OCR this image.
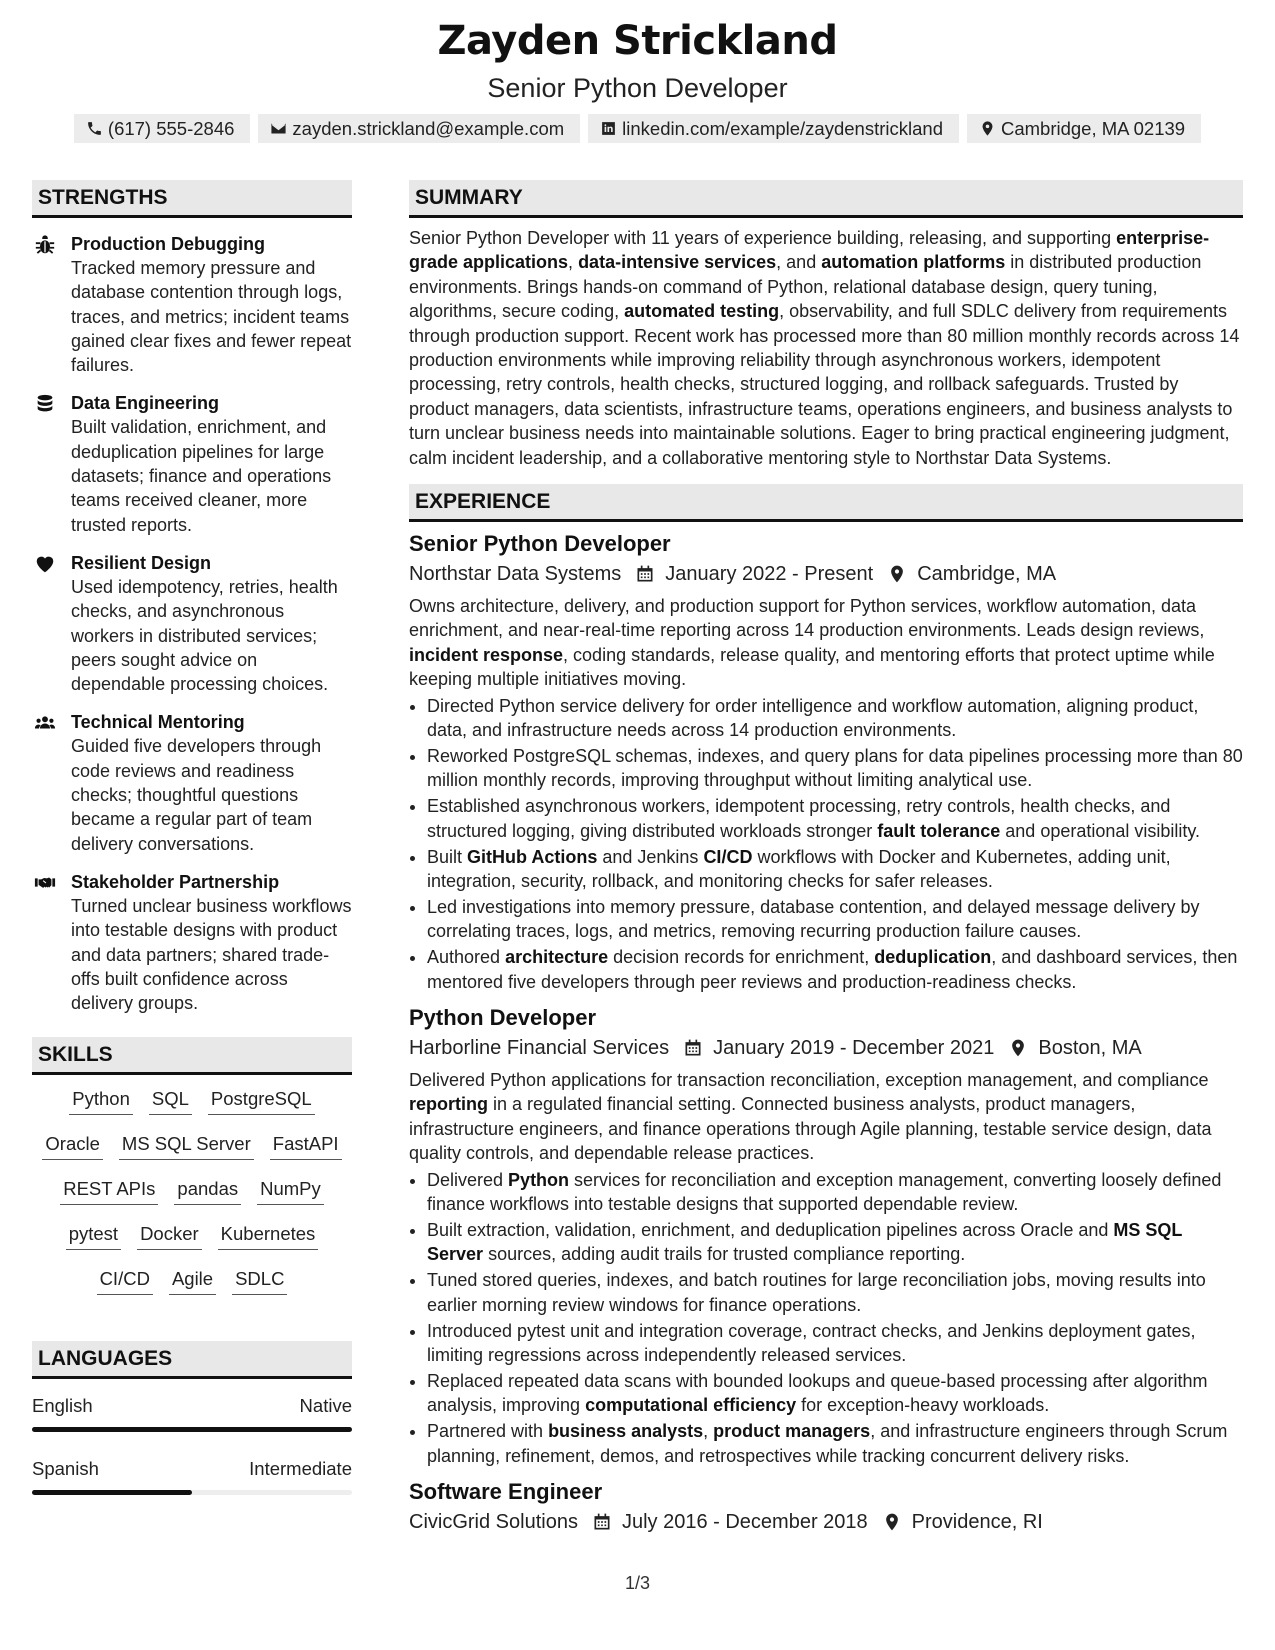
Zayden Strickland
Senior Python Developer
(617) 555-2846	zayden.strickland@example.com	linkedin.com/example/zaydenstrickland	Cambridge, MA 02139
STRENGTHS
Production Debugging
Tracked memory pressure and database contention through logs, traces, and metrics; incident teams gained clear fixes and fewer repeat failures.
Data Engineering
Built validation, enrichment, and deduplication pipelines for large datasets; finance and operations teams received cleaner, more trusted reports.
Resilient Design
Used idempotency, retries, health checks, and asynchronous workers in distributed services; peers sought advice on dependable processing choices.
Technical Mentoring
Guided five developers through code reviews and readiness checks; thoughtful questions became a regular part of team delivery conversations.
Stakeholder Partnership
Turned unclear business workflows into testable designs with product and data partners; shared trade-offs built confidence across delivery groups.
SKILLS
Python SQL PostgreSQL
Oracle MS SQL Server FastAPI
REST APIs pandas NumPy
pytest Docker Kubernetes
CI/CD Agile SDLC
LANGUAGES
English	Native
Spanish	Intermediate
SUMMARY
Senior Python Developer with 11 years of experience building, releasing, and supporting enterprise-grade applications, data-intensive services, and automation platforms in distributed production environments. Brings hands-on command of Python, relational database design, query tuning, algorithms, secure coding, automated testing, observability, and full SDLC delivery from requirements through production support. Recent work has processed more than 80 million monthly records across 14 production environments while improving reliability through asynchronous workers, idempotent processing, retry controls, health checks, structured logging, and rollback safeguards. Trusted by product managers, data scientists, infrastructure teams, operations engineers, and business analysts to turn unclear business needs into maintainable solutions. Eager to bring practical engineering judgment, calm incident leadership, and a collaborative mentoring style to Northstar Data Systems.
EXPERIENCE
Senior Python Developer
Northstar Data Systems January 2022 - Present Cambridge, MA
Owns architecture, delivery, and production support for Python services, workflow automation, data enrichment, and near-real-time reporting across 14 production environments. Leads design reviews, incident response, coding standards, release quality, and mentoring efforts that protect uptime while keeping multiple initiatives moving.
• Directed Python service delivery for order intelligence and workflow automation, aligning product, data, and infrastructure needs across 14 production environments.
• Reworked PostgreSQL schemas, indexes, and query plans for data pipelines processing more than 80 million monthly records, improving throughput without limiting analytical use.
• Established asynchronous workers, idempotent processing, retry controls, health checks, and structured logging, giving distributed workloads stronger fault tolerance and operational visibility.
• Built GitHub Actions and Jenkins CI/CD workflows with Docker and Kubernetes, adding unit, integration, security, rollback, and monitoring checks for safer releases.
• Led investigations into memory pressure, database contention, and delayed message delivery by correlating traces, logs, and metrics, removing recurring production failure causes.
• Authored architecture decision records for enrichment, deduplication, and dashboard services, then mentored five developers through peer reviews and production-readiness checks.
Python Developer
Harborline Financial Services January 2019 - December 2021 Boston, MA
Delivered Python applications for transaction reconciliation, exception management, and compliance reporting in a regulated financial setting. Connected business analysts, product managers, infrastructure engineers, and finance operations through Agile planning, testable service design, data quality controls, and dependable release practices.
• Delivered Python services for reconciliation and exception management, converting loosely defined finance workflows into testable designs that supported dependable review.
• Built extraction, validation, enrichment, and deduplication pipelines across Oracle and MS SQL Server sources, adding audit trails for trusted compliance reporting.
• Tuned stored queries, indexes, and batch routines for large reconciliation jobs, moving results into earlier morning review windows for finance operations.
• Introduced pytest unit and integration coverage, contract checks, and Jenkins deployment gates, limiting regressions across independently released services.
• Replaced repeated data scans with bounded lookups and queue-based processing after algorithm analysis, improving computational efficiency for exception-heavy workloads.
• Partnered with business analysts, product managers, and infrastructure engineers through Scrum planning, refinement, demos, and retrospectives while tracking concurrent delivery risks.
Software Engineer
CivicGrid Solutions July 2016 - December 2018 Providence, RI
1/3
